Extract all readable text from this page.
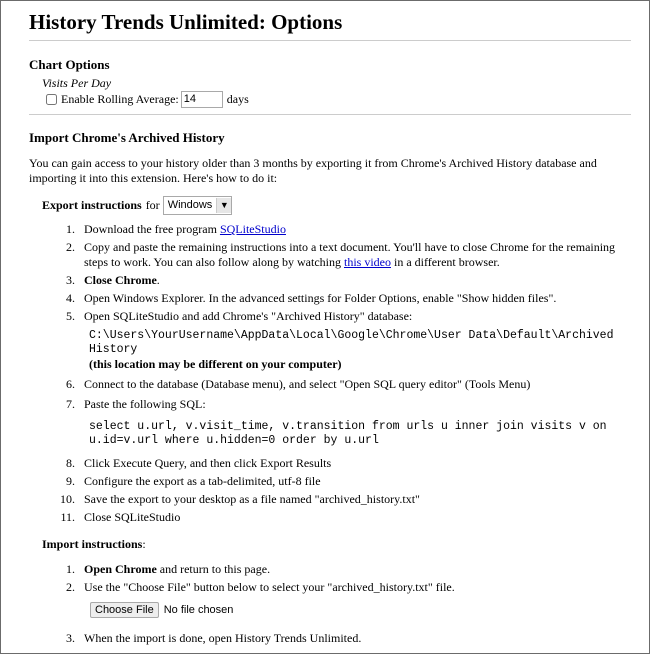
History Trends Unlimited: Options
Chart Options
Visits Per Day
Enable Rolling Average:
14	days
Import Chrome's Archived History
You can gain access to your history older than 3 months by exporting it from Chrome's Archived History database and importing it into this extension. Here's how to do it:
Export instructions for Windows ▼
1. Download the free program SQLiteStudio
2. Copy and paste the remaining instructions into a text document. You'll have to close Chrome for the remaining steps to work. You can also follow along by watching this video in a different browser.
3. Close Chrome.
4. Open Windows Explorer. In the advanced settings for Folder Options, enable "Show hidden files".
5. Open SQLiteStudio and add Chrome's "Archived History" database:
C:\Users\YourUsername\AppData\Local\Google\Chrome\User Data\Default\Archived History
(this location may be different on your computer)
6. Connect to the database (Database menu), and select "Open SQL query editor" (Tools Menu)
7. Paste the following SQL:
select u.url, v.visit_time, v.transition from urls u inner join visits v on u.id=v.url where u.hidden=0 order by u.url
8. Click Execute Query, and then click Export Results
9. Configure the export as a tab-delimited, utf-8 file
10. Save the export to your desktop as a file named "archived_history.txt"
11. Close SQLiteStudio
Import instructions:
1. Open Chrome and return to this page.
2. Use the "Choose File" button below to select your "archived_history.txt" file.
Choose File No file chosen
3. When the import is done, open History Trends Unlimited.
